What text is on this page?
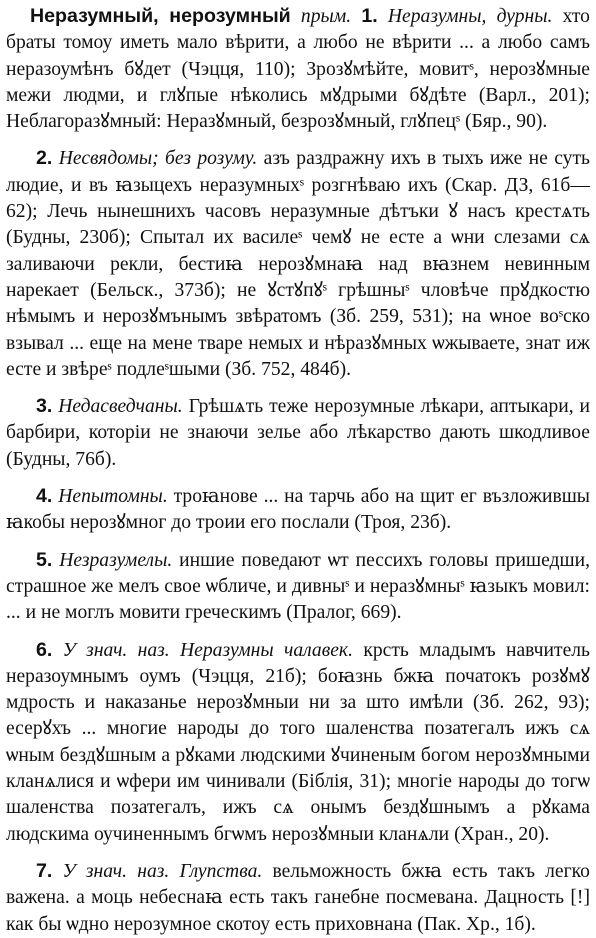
Неразумный, нерозумный прым. 1. Неразумны, дурны. хто браты томоу иметь мало вѣрити, а любо не вѣрити ... а любо самъ неразоумѣнъ бꙋдет (Чэцця, 110); Зрозꙋмѣйте, мовитˢ, нерозꙋмные межи людми, и глꙋпые нѣколись мꙋдрыми бꙋдѣте (Варл., 201); Неблагоразꙋмный: Неразꙋмный, безрозꙋмный, глꙋпецˢ (Бяр., 90).

2. Несвядомы; без розуму. азъ раздражну ихъ в тыхъ иже не суть людие, и въ ꙗзыцехъ неразумныхˢ розгнѣваю ихъ (Скар. ДЗ, 61б—62); Лечь нынешнихъ часовъ неразумные дѣтъки ꙋ насъ крестѧть (Будны, 230б); Спытал их василеˢ чемꙋ не есте а ѡни слезами сѧ заливаючи рекли, бестиꙗ нерозꙋмнаꙗ над вꙗзнем невинным нарекает (Бельск., 373б); не ꙋстꙋпꙋˢ грѣшныˢ чловѣче прꙋдкостю нѣмымъ и нерозꙋмънымъ звѣратомъ (Зб. 259, 531); на ѡное вoˢско взывал ... еще на мене тваре немых и нѣразꙋмных ѡжываете, знат иж есте и звѣреˢ подлеˢшыми (Зб. 752, 484б).

3. Недасведчаны. Грѣшѧть теже нерозумные лѣкари, аптыкари, и барбири, которіи не знаючи зелье або лѣкарство дають шкодливое (Будны, 76б).

4. Непытомны. троꙗнове ... на тарчь або на щит ег възложившы ꙗкобы нерозꙋмног до троии его послали (Троя, 23б).

5. Незразумелы. иншие поведают ѡт пессихъ головы пришедши, страшное же мелъ свое ѡбличе, и дивныˢ и неразꙋмныˢ ꙗзыкъ мовил: ... и не моглъ мовити греческимъ (Пралог, 669).

6. У знач. наз. Неразумны чалавек. крсть младымъ навчитель неразоумнымъ оумъ (Чэцця, 21б); боꙗзнь бжꙗ початокъ розꙋмꙋ мдрость и наказанье нерозꙋмныи ни за што имѣли (Зб. 262, 93); есерꙋхъ ... многие народы до того шаленства позатегалъ ижъ сѧ ѡным бездꙋшным а рꙋками людскими ꙋчиненым богом нерозꙋмными кланѧлися и ѡфери им чинивали (Біблія, 31); многіе народы до тогѡ шаленства позатегалъ, ижъ сѧ онымъ бездꙋшнымъ а рꙋкама людскима оучиненнымъ бгѡмъ нерозꙋмныи кланѧли (Хран., 20).

7. У знач. наз. Глупства. вельможность бжꙗ есть такъ легко важена. а моць небеснаꙗ есть такъ ганебне посмевана. Дацность [!] как бы ѡдно нерозумное скотоу есть приховнана (Пак. Хр., 1б).
